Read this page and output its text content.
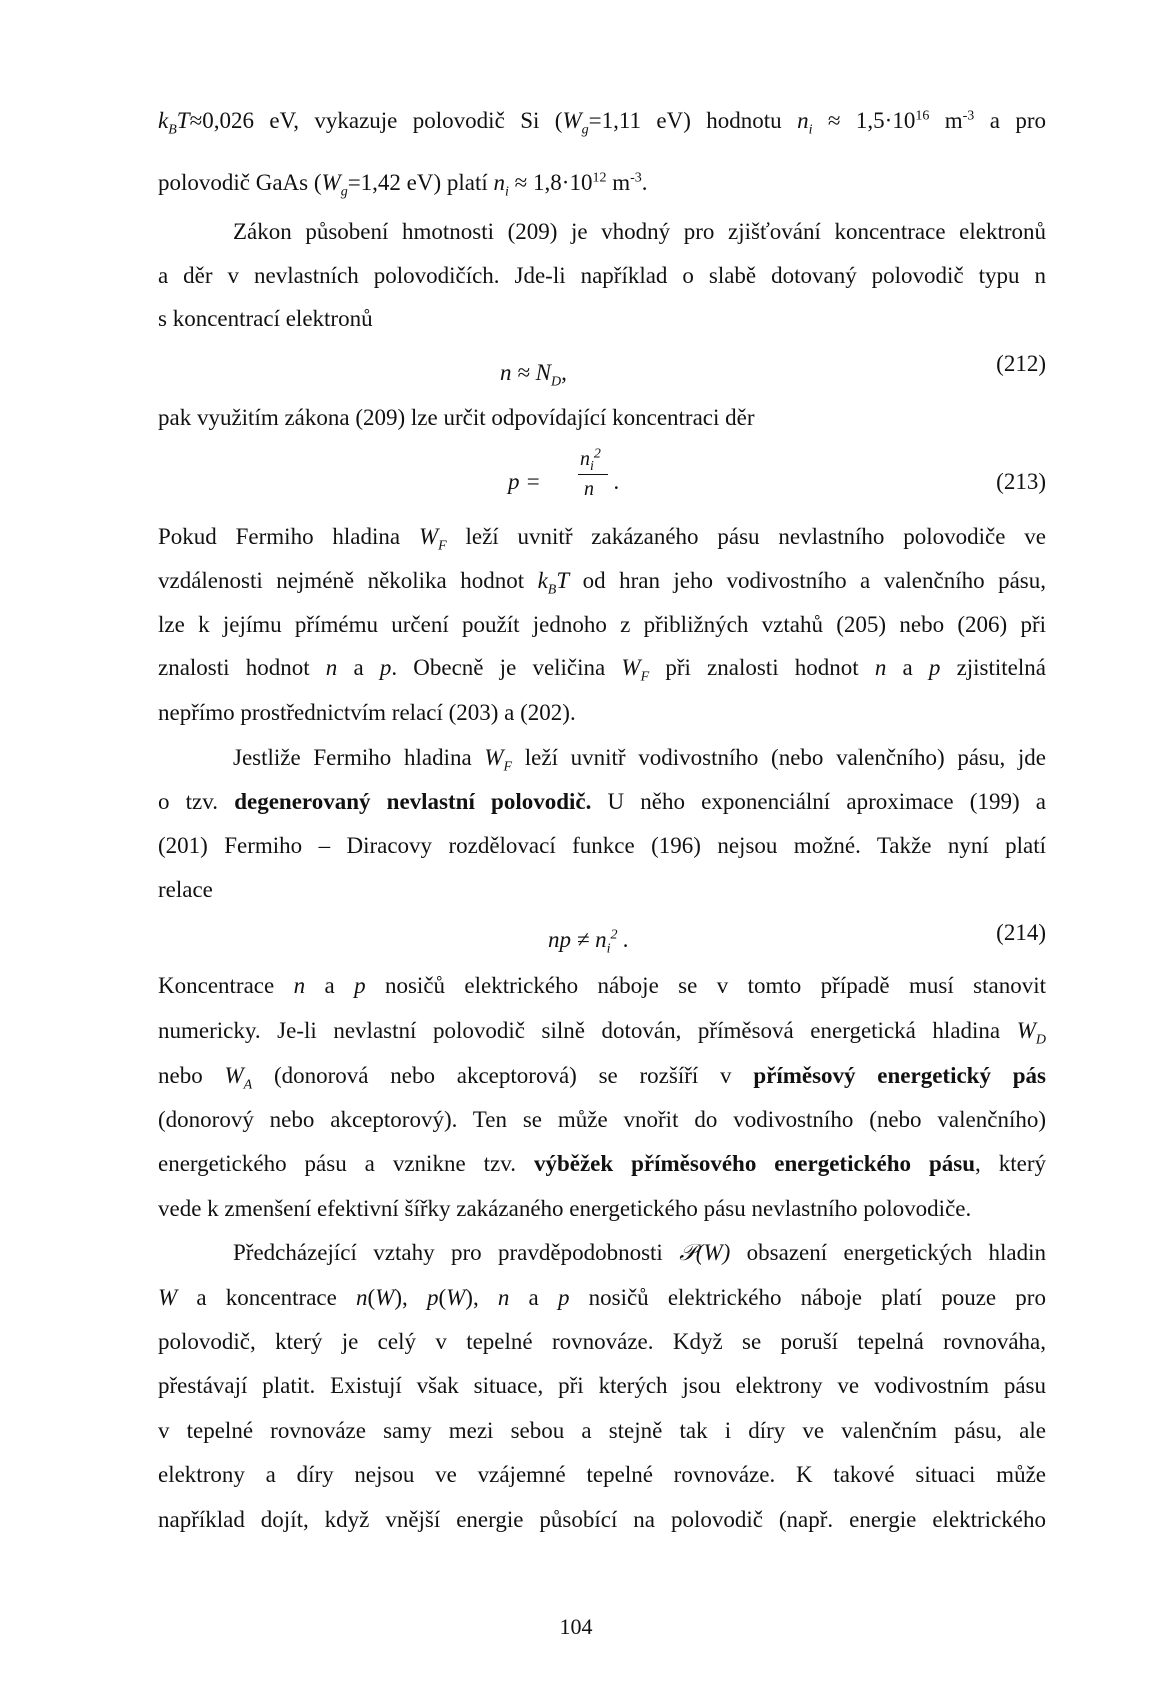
$k_BT\approx 0,026$ eV, vykazuje polovodič Si ($W_g=1,11$ eV) hodnotu $n_i \approx 1,5\cdot 10^{16}$ $m^{-3}$ a pro
polovodič GaAs ($W_g=1,42$ eV) platí $n_i \approx 1,8\cdot 10^{12}$ $m^{-3}$.
Zákon působení hmotnosti (209) je vhodný pro zjišťování koncentrace elektronů
a děr v nevlastních polovodičích. Jde-li například o slabě dotovaný polovodič typu n
s koncentrací elektronů
$n \approx N_D$,	(212)
pak využitím zákona (209) lze určit odpovídající koncentraci děr
p =
$n_i^2$
n .	(213)
Pokud Fermiho hladina $W_F$ leží uvnitř zakázaného pásu nevlastního polovodiče ve
vzdálenosti nejméně několika hodnot $k_BT$ od hran jeho vodivostního a valenčního pásu,
lze k jejímu přímému určení použít jednoho z přibližných vztahů (205) nebo (206) při
znalosti hodnot n a p. Obecně je veličina $W_F$ při znalosti hodnot n a p zjistitelná
nepřímo prostřednictvím relací (203) a (202).
Jestliže Fermiho hladina $W_F$ leží uvnitř vodivostního (nebo valenčního) pásu, jde
o tzv. degenerovaný nevlastní polovodič. U něho exponenciální aproximace (199) a
(201) Fermiho – Diracovy rozdělovací funkce (196) nejsou možné. Takže nyní platí
relace
np ≠ $n_i^2$ .	(214)
Koncentrace n a p nosičů elektrického náboje se v tomto případě musí stanovit
numericky. Je-li nevlastní polovodič silně dotován, příměsová energetická hladina $W_D$
nebo $W_A$ (donorová nebo akceptorová) se rozšíří v příměsový energetický pás
(donorový nebo akceptorový). Ten se může vnořit do vodivostního (nebo valenčního)
energetického pásu a vznikne tzv. výběžek příměsového energetického pásu, který
vede k zmenšení efektivní šířky zakázaného energetického pásu nevlastního polovodiče.
Předcházející vztahy pro pravděpodobnosti 𝒫(W) obsazení energetických hladin
W a koncentrace n(W), p(W), n a p nosičů elektrického náboje platí pouze pro
polovodič, který je celý v tepelné rovnováze. Když se poruší tepelná rovnováha,
přestávají platit. Existují však situace, při kterých jsou elektrony ve vodivostním pásu
v tepelné rovnováze samy mezi sebou a stejně tak i díry ve valenčním pásu, ale
elektrony a díry nejsou ve vzájemné tepelné rovnováze. K takové situaci může
například dojít, když vnější energie působící na polovodič (např. energie elektrického
104
